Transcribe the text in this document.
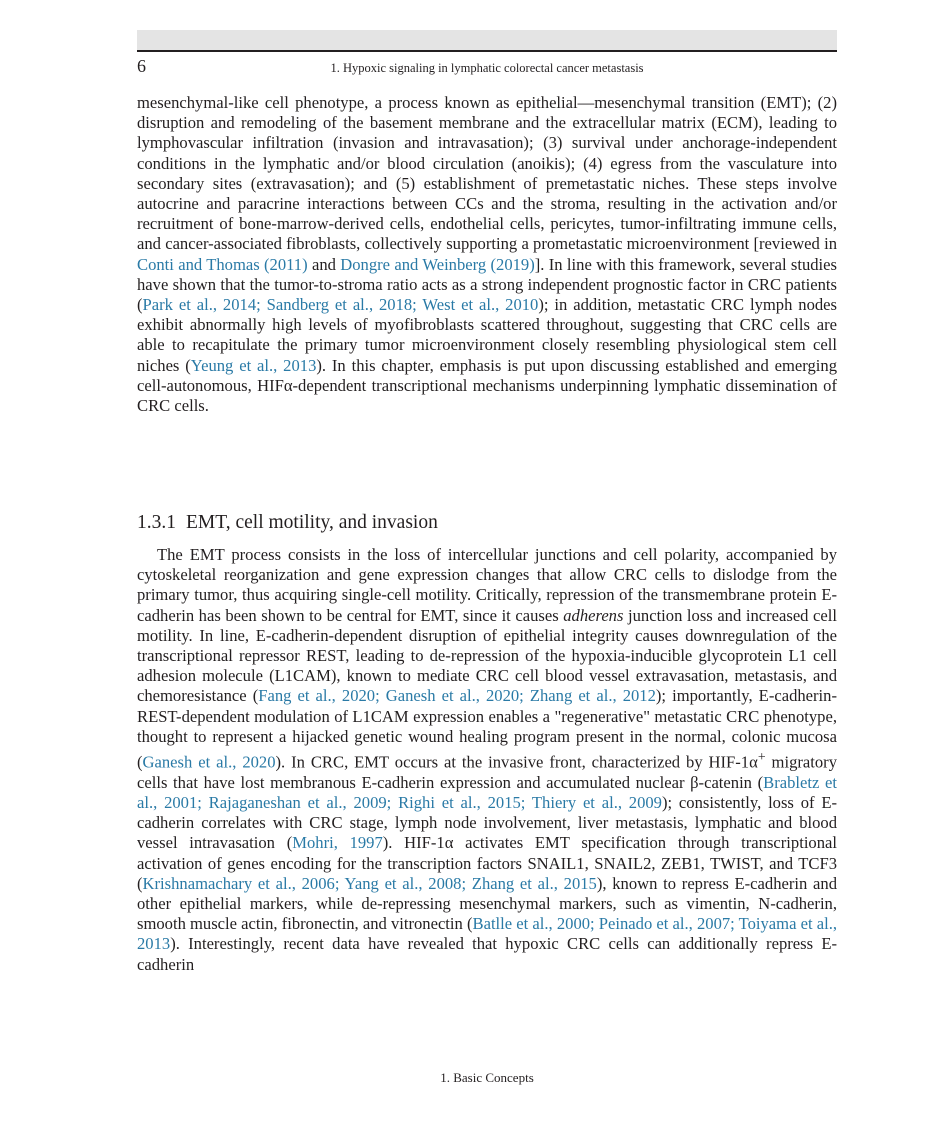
6	1. Hypoxic signaling in lymphatic colorectal cancer metastasis

mesenchymal-like cell phenotype, a process known as epithelial—mesenchymal transition (EMT); (2) disruption and remodeling of the basement membrane and the extracellular matrix (ECM), leading to lymphovascular infiltration (invasion and intravasation); (3) survival under anchorage-independent conditions in the lymphatic and/or blood circulation (anoikis); (4) egress from the vasculature into secondary sites (extravasation); and (5) establishment of premetastatic niches. These steps involve autocrine and paracrine interactions between CCs and the stroma, resulting in the activation and/or recruitment of bone-marrow-derived cells, endothelial cells, pericytes, tumor-infiltrating immune cells, and cancer-associated fibroblasts, collectively supporting a prometastatic microenvironment [reviewed in Conti and Thomas (2011) and Dongre and Weinberg (2019)]. In line with this framework, several studies have shown that the tumor-to-stroma ratio acts as a strong independent prognostic factor in CRC patients (Park et al., 2014; Sandberg et al., 2018; West et al., 2010); in addition, metastatic CRC lymph nodes exhibit abnormally high levels of myofibroblasts scattered throughout, suggesting that CRC cells are able to recapitulate the primary tumor microenvironment closely resembling physiological stem cell niches (Yeung et al., 2013). In this chapter, emphasis is put upon discussing established and emerging cell-autonomous, HIFα-dependent transcriptional mechanisms underpinning lymphatic dissemination of CRC cells.

1.3.1 EMT, cell motility, and invasion

The EMT process consists in the loss of intercellular junctions and cell polarity, accompanied by cytoskeletal reorganization and gene expression changes that allow CRC cells to dislodge from the primary tumor, thus acquiring single-cell motility. Critically, repression of the transmembrane protein E-cadherin has been shown to be central for EMT, since it causes adherens junction loss and increased cell motility. In line, E-cadherin-dependent disruption of epithelial integrity causes downregulation of the transcriptional repressor REST, leading to de-repression of the hypoxia-inducible glycoprotein L1 cell adhesion molecule (L1CAM), known to mediate CRC cell blood vessel extravasation, metastasis, and chemoresistance (Fang et al., 2020; Ganesh et al., 2020; Zhang et al., 2012); importantly, E-cadherin-REST-dependent modulation of L1CAM expression enables a "regenerative" metastatic CRC phenotype, thought to represent a hijacked genetic wound healing program present in the normal, colonic mucosa (Ganesh et al., 2020). In CRC, EMT occurs at the invasive front, characterized by HIF-1α+ migratory cells that have lost membranous E-cadherin expression and accumulated nuclear β-catenin (Brabletz et al., 2001; Rajaganeshan et al., 2009; Righi et al., 2015; Thiery et al., 2009); consistently, loss of E-cadherin correlates with CRC stage, lymph node involvement, liver metastasis, lymphatic and blood vessel intravasation (Mohri, 1997). HIF-1α activates EMT specification through transcriptional activation of genes encoding for the transcription factors SNAIL1, SNAIL2, ZEB1, TWIST, and TCF3 (Krishnamachary et al., 2006; Yang et al., 2008; Zhang et al., 2015), known to repress E-cadherin and other epithelial markers, while de-repressing mesenchymal markers, such as vimentin, N-cadherin, smooth muscle actin, fibronectin, and vitronectin (Batlle et al., 2000; Peinado et al., 2007; Toiyama et al., 2013). Interestingly, recent data have revealed that hypoxic CRC cells can additionally repress E-cadherin

1. Basic Concepts
